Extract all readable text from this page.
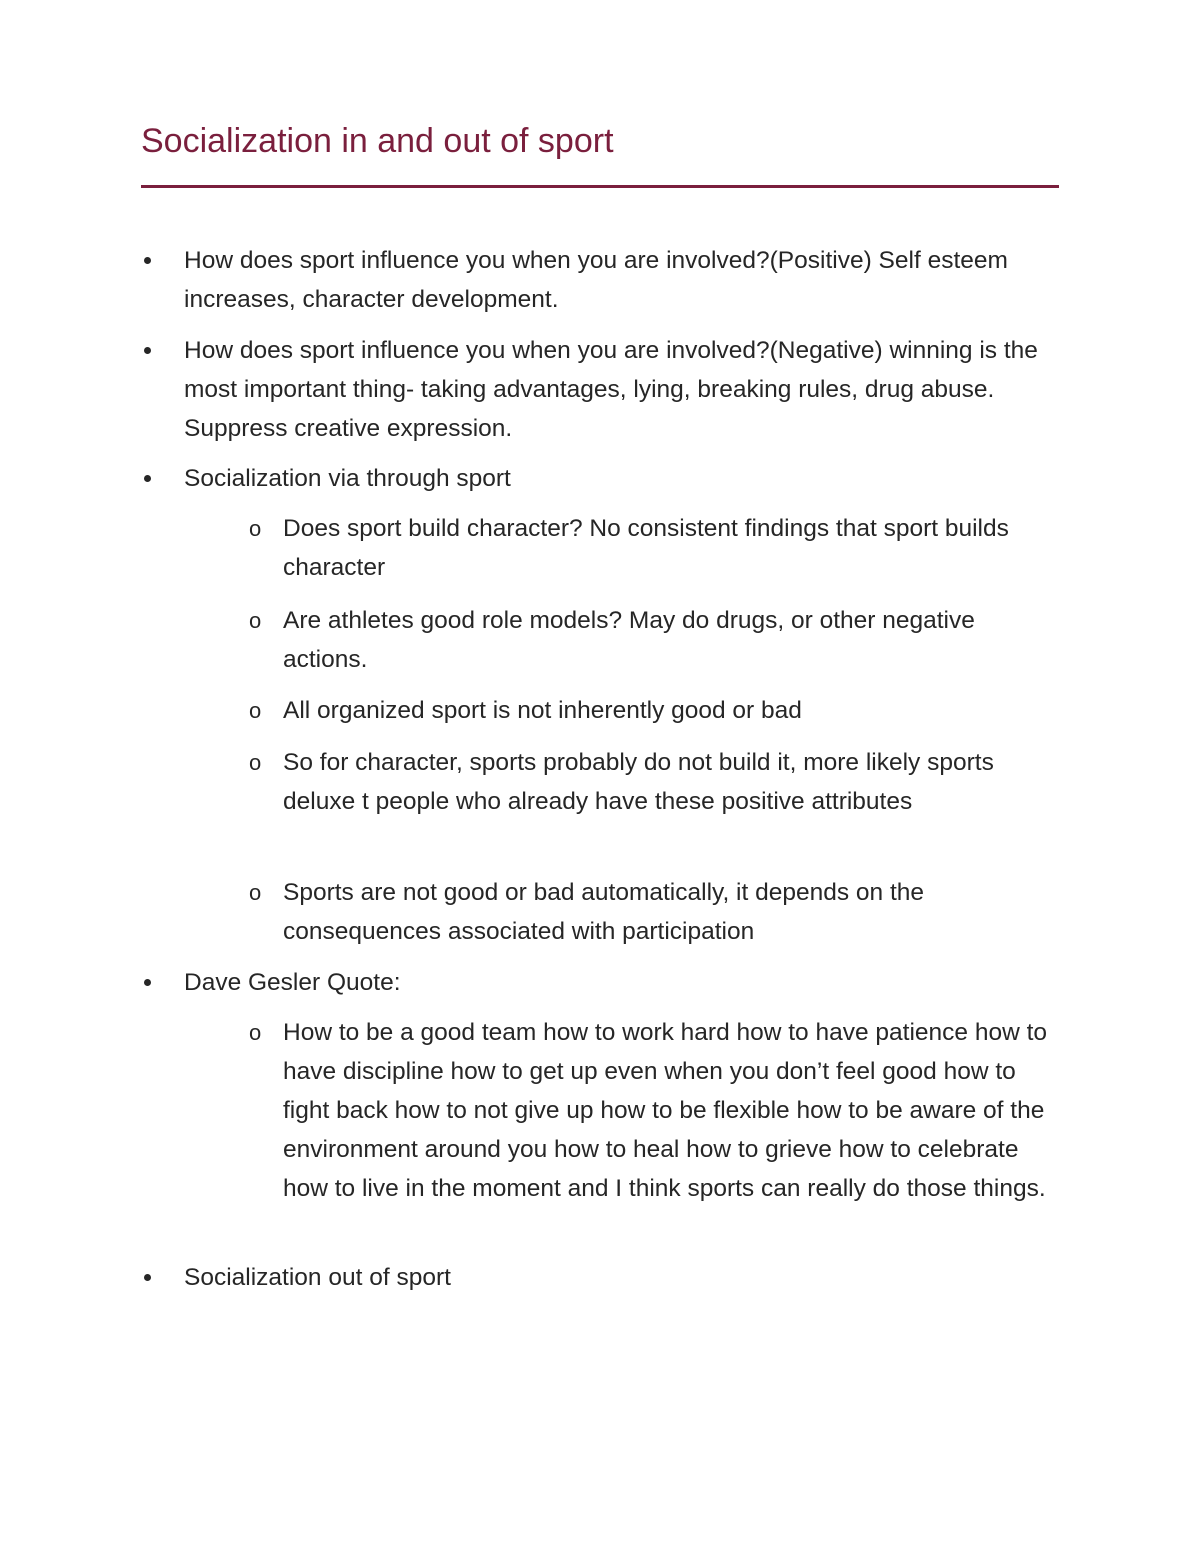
Socialization in and out of sport

How does sport influence you when you are involved?(Positive) Self esteem increases, character development.

How does sport influence you when you are involved?(Negative) winning is the most important thing- taking advantages, lying, breaking rules, drug abuse. Suppress creative expression.

Socialization via through sport

o Does sport build character? No consistent findings that sport builds character

o Are athletes good role models? May do drugs, or other negative actions.

o All organized sport is not inherently good or bad

o So for character, sports probably do not build it, more likely sports deluxe t people who already have these positive attributes

o Sports are not good or bad automatically, it depends on the consequences associated with participation

Dave Gesler Quote:

o How to be a good team how to work hard how to have patience how to have discipline how to get up even when you don’t feel good how to fight back how to not give up how to be flexible how to be aware of the environment around you how to heal how to grieve how to celebrate how to live in the moment and I think sports can really do those things.

Socialization out of sport
